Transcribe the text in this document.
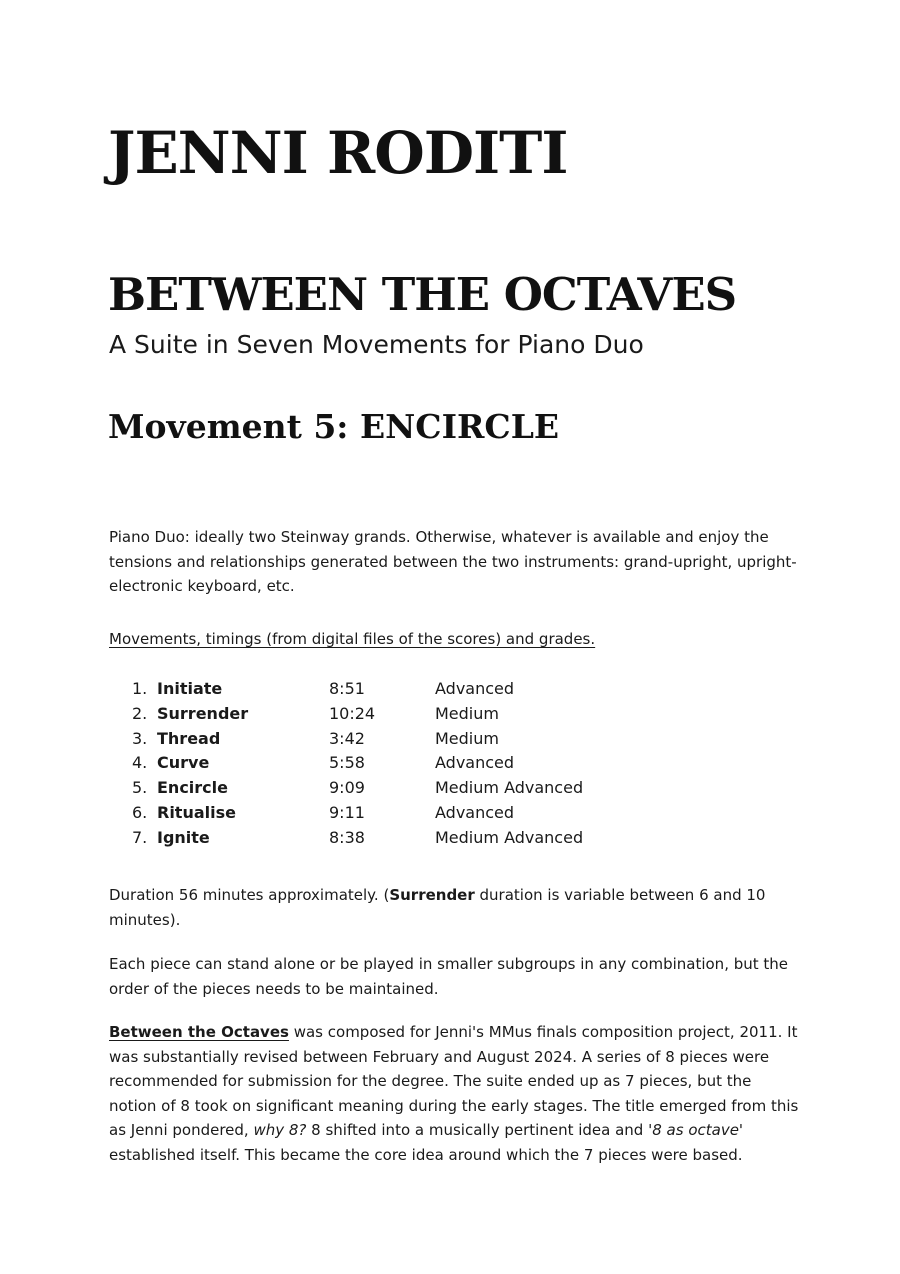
JENNI RODITI
BETWEEN THE OCTAVES

A Suite in Seven Movements for Piano Duo

Movement 5: ENCIRCLE

Piano Duo: ideally two Steinway grands. Otherwise, whatever is available and enjoy the tensions and relationships generated between the two instruments: grand-upright, upright-electronic keyboard, etc.

Movements, timings (from digital files of the scores) and grades.

1. Initiate	8:51	Advanced
2. Surrender	10:24	Medium
3. Thread	3:42	Medium
4. Curve	5:58	Advanced
5. Encircle	9:09	Medium Advanced
6. Ritualise	9:11	Advanced
7. Ignite	8:38	Medium Advanced

Duration 56 minutes approximately. (Surrender duration is variable between 6 and 10 minutes).

Each piece can stand alone or be played in smaller subgroups in any combination, but the order of the pieces needs to be maintained.

Between the Octaves was composed for Jenni's MMus finals composition project, 2011. It was substantially revised between February and August 2024. A series of 8 pieces were recommended for submission for the degree. The suite ended up as 7 pieces, but the notion of 8 took on significant meaning during the early stages. The title emerged from this as Jenni pondered, why 8? 8 shifted into a musically pertinent idea and '8 as octave' established itself. This became the core idea around which the 7 pieces were based.
